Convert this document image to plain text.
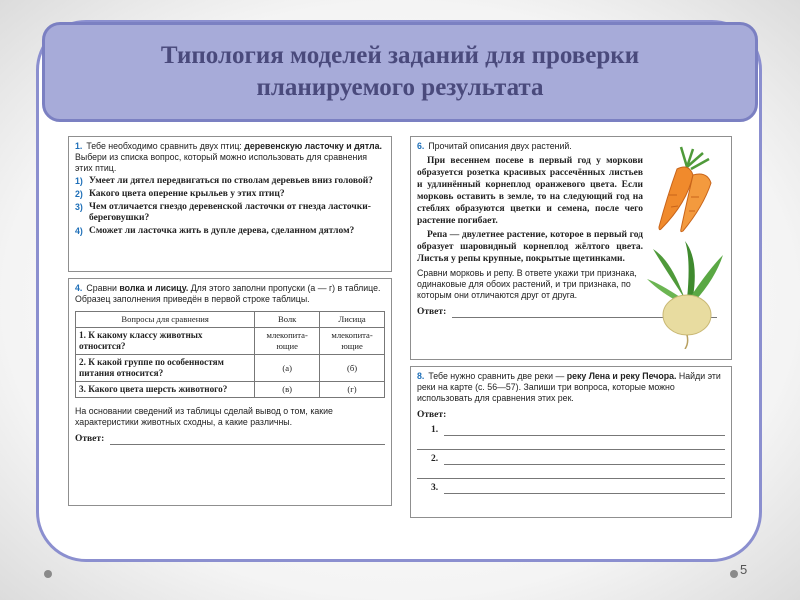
Типология моделей заданий для проверки планируемого результата
1. Тебе необходимо сравнить двух птиц: деревенскую ласточку и дятла. Выбери из списка вопрос, который можно использовать для сравнения этих птиц.
1) Умеет ли дятел передвигаться по стволам деревьев вниз головой?
2) Какого цвета оперение крыльев у этих птиц?
3) Чем отличается гнездо деревенской ласточки от гнезда ласточки-береговушки?
4) Сможет ли ласточка жить в дупле дерева, сделанном дятлом?
4. Сравни волка и лисицу. Для этого заполни пропуски (а — г) в таблице. Образец заполнения приведён в первой строке таблицы.
Вопросы для сравнения	Волк	Лисица
1. К какому классу животных относится?	млекопита-ющие	млекопита-ющие
2. К какой группе по особенностям питания относится?	(а)	(б)
3. Какого цвета шерсть животного?	(в)	(г)
На основании сведений из таблицы сделай вывод о том, какие характеристики животных сходны, а какие различны.
Ответ:
6. Прочитай описания двух растений.
При весеннем посеве в первый год у моркови образуется розетка красивых рассечённых листьев и удлинённый корнеплод оранжевого цвета. Если морковь оставить в земле, то на следующий год на стеблях образуются цветки и семена, после чего растение погибает.
Репа — двулетнее растение, которое в первый год образует шаровидный корнеплод жёлтого цвета. Листья у репы крупные, покрытые щетинками.
Сравни морковь и репу. В ответе укажи три признака, одинаковые для обоих растений, и три признака, по которым они отличаются друг от друга.
Ответ:
8. Тебе нужно сравнить две реки — реку Лена и реку Печора. Найди эти реки на карте (с. 56—57). Запиши три вопроса, которые можно использовать для сравнения этих рек.
Ответ:
1.
2.
3.
5
